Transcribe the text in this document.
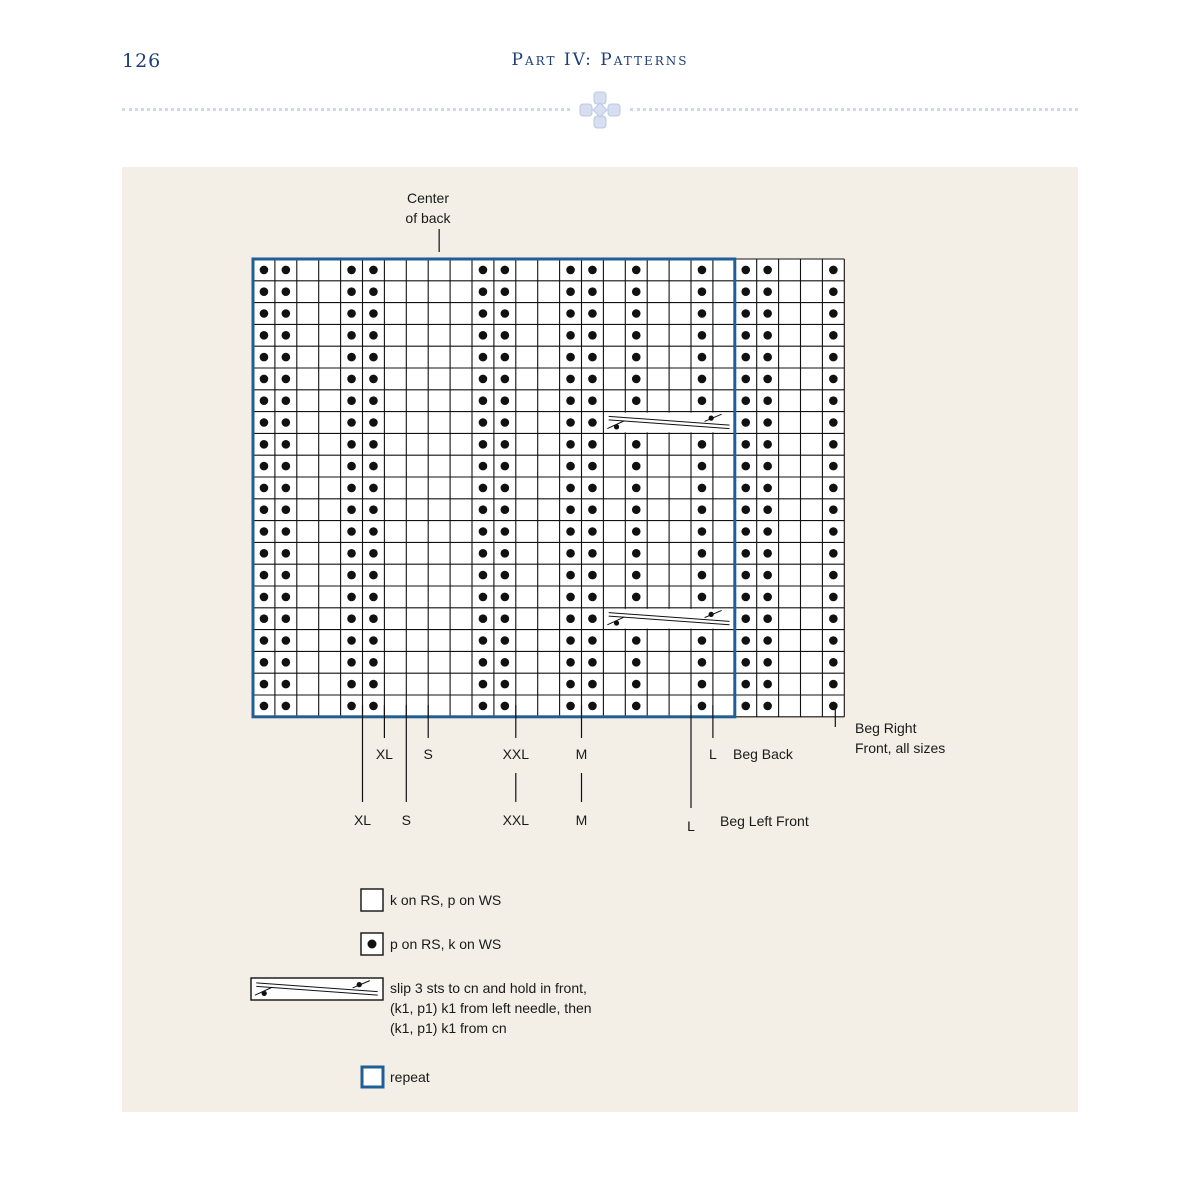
126	Part IV: Patterns
Center
of back
XL	S	XXL	M	L	Beg Back
Beg Right
Front, all sizes
XL	S	XXL	M	L	Beg Left Front
k on RS, p on WS
p on RS, k on WS
slip 3 sts to cn and hold in front,
(k1, p1) k1 from left needle, then
(k1, p1) k1 from cn
repeat
